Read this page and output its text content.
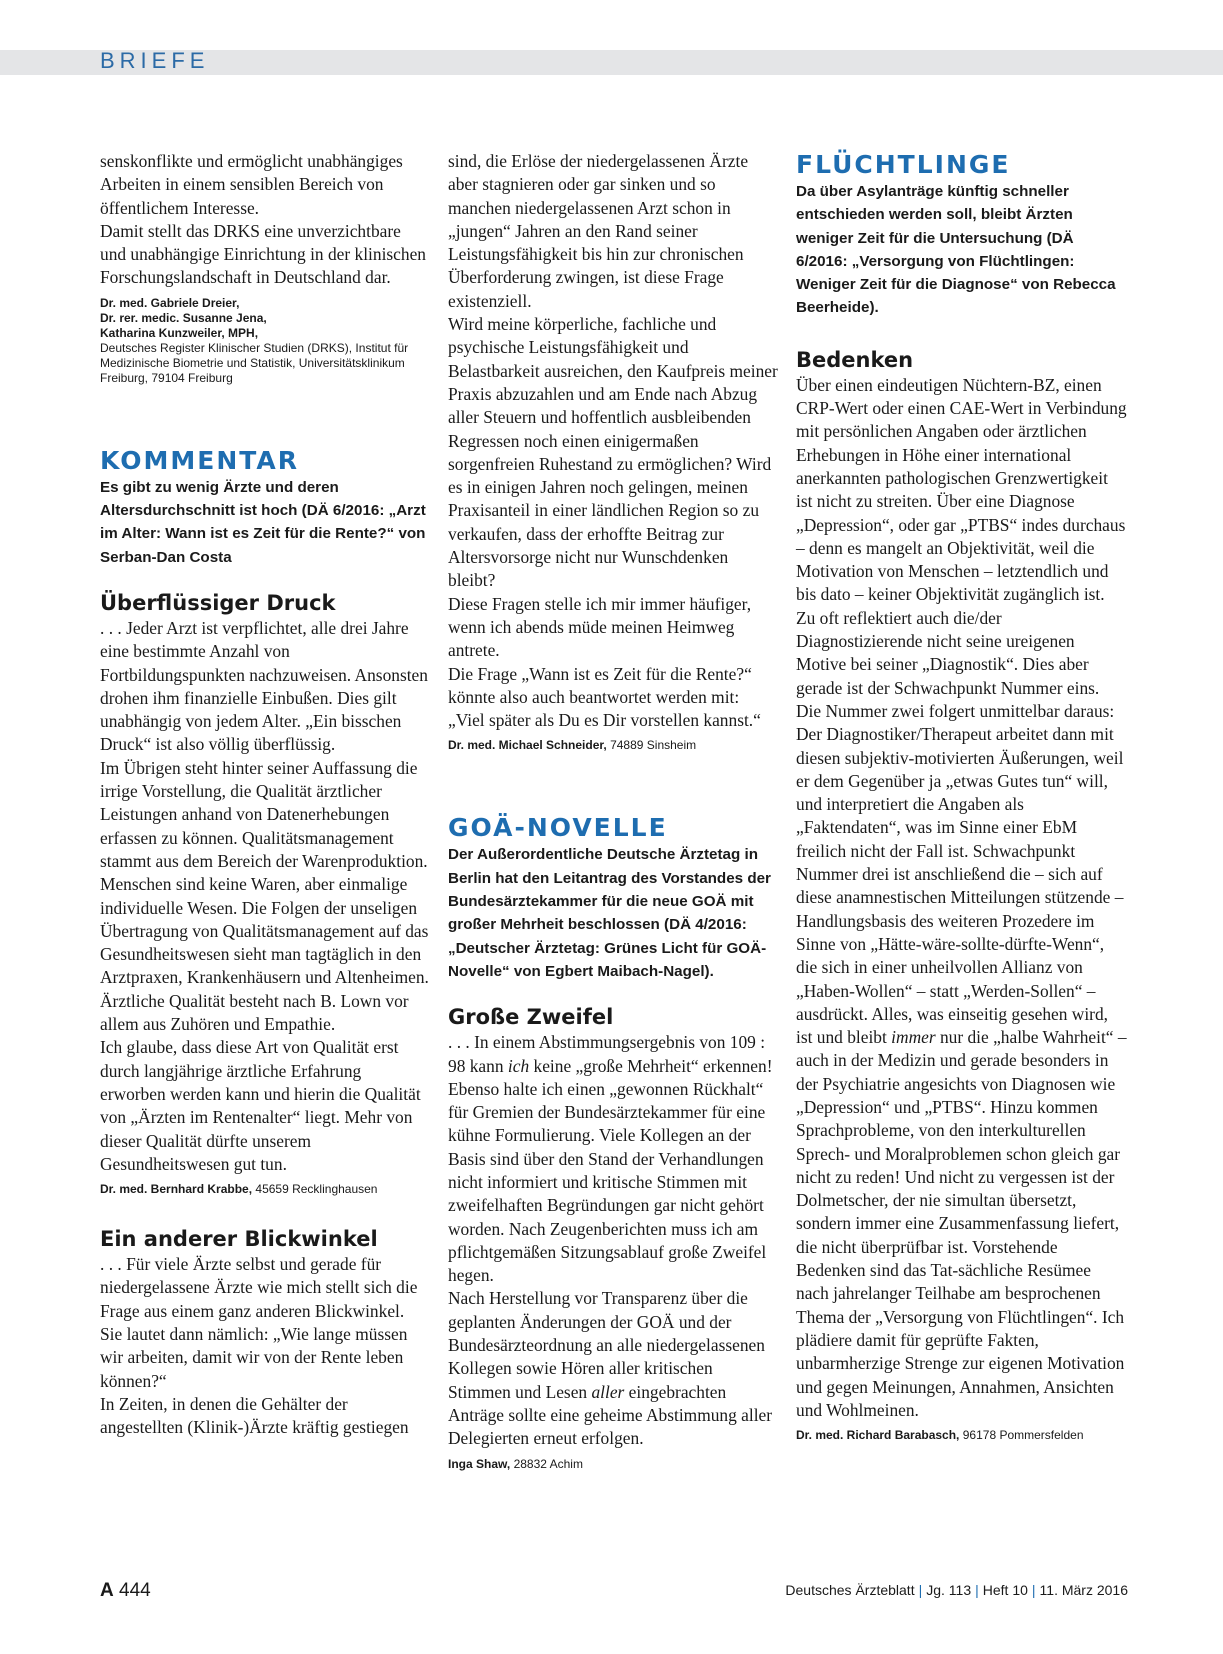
BRIEFE

senskonflikte und ermöglicht unabhängiges Arbeiten in einem sensiblen Bereich von öffentlichem Interesse.

Damit stellt das DRKS eine unverzichtbare und unabhängige Einrichtung in der klinischen Forschungslandschaft in Deutschland dar.

Dr. med. Gabriele Dreier,
Dr. rer. medic. Susanne Jena,
Katharina Kunzweiler, MPH,
Deutsches Register Klinischer Studien (DRKS), Institut für Medizinische Biometrie und Statistik, Universitätsklinikum Freiburg, 79104 Freiburg
KOMMENTAR

Es gibt zu wenig Ärzte und deren Altersdurchschnitt ist hoch (DÄ 6/2016: „Arzt im Alter: Wann ist es Zeit für die Rente?“ von Serban-Dan Costa

Überflüssiger Druck

. . . Jeder Arzt ist verpflichtet, alle drei Jahre eine bestimmte Anzahl von Fortbildungspunkten nachzuweisen. Ansonsten drohen ihm finanzielle Einbußen. Dies gilt unabhängig von jedem Alter. „Ein bisschen Druck“ ist also völlig überflüssig.

Im Übrigen steht hinter seiner Auffassung die irrige Vorstellung, die Qualität ärztlicher Leistungen anhand von Datenerhebungen erfassen zu können. Qualitätsmanagement stammt aus dem Bereich der Warenproduktion.

Menschen sind keine Waren, aber einmalige individuelle Wesen. Die Folgen der unseligen Übertragung von Qualitätsmanagement auf das Gesundheitswesen sieht man tagtäglich in den Arztpraxen, Krankenhäusern und Altenheimen.

Ärztliche Qualität besteht nach B. Lown vor allem aus Zuhören und Empathie.

Ich glaube, dass diese Art von Qualität erst durch langjährige ärztliche Erfahrung erworben werden kann und hierin die Qualität von „Ärzten im Rentenalter“ liegt. Mehr von dieser Qualität dürfte unserem Gesundheitswesen gut tun.

Dr. med. Bernhard Krabbe, 45659 Recklinghausen
Ein anderer Blickwinkel

. . . Für viele Ärzte selbst und gerade für niedergelassene Ärzte wie mich stellt sich die Frage aus einem ganz anderen Blickwinkel. Sie lautet dann nämlich: „Wie lange müssen wir arbeiten, damit wir von der Rente leben können?“

In Zeiten, in denen die Gehälter der angestellten (Klinik-)Ärzte kräftig gestiegen

sind, die Erlöse der niedergelassenen Ärzte aber stagnieren oder gar sinken und so manchen niedergelassenen Arzt schon in „jungen“ Jahren an den Rand seiner Leistungsfähigkeit bis hin zur chronischen Überforderung zwingen, ist diese Frage existenziell.

Wird meine körperliche, fachliche und psychische Leistungsfähigkeit und Belastbarkeit ausreichen, den Kaufpreis meiner Praxis abzuzahlen und am Ende nach Abzug aller Steuern und hoffentlich ausbleibenden Regressen noch einen einigermaßen sorgenfreien Ruhestand zu ermöglichen? Wird es in einigen Jahren noch gelingen, meinen Praxisanteil in einer ländlichen Region so zu verkaufen, dass der erhoffte Beitrag zur Altersvorsorge nicht nur Wunschdenken bleibt?

Diese Fragen stelle ich mir immer häufiger, wenn ich abends müde meinen Heimweg antrete.

Die Frage „Wann ist es Zeit für die Rente?“ könnte also auch beantwortet werden mit: „Viel später als Du es Dir vorstellen kannst.“

Dr. med. Michael Schneider, 74889 Sinsheim
GOÄ-NOVELLE

Der Außerordentliche Deutsche Ärztetag in Berlin hat den Leitantrag des Vorstandes der Bundesärztekammer für die neue GOÄ mit großer Mehrheit beschlossen (DÄ 4/2016: „Deutscher Ärztetag: Grünes Licht für GOÄ-Novelle“ von Egbert Maibach-Nagel).

Große Zweifel

. . . In einem Abstimmungsergebnis von 109 : 98 kann ich keine „große Mehrheit“ erkennen! Ebenso halte ich einen „gewonnen Rückhalt“ für Gremien der Bundesärztekammer für eine kühne Formulierung. Viele Kollegen an der Basis sind über den Stand der Verhandlungen nicht informiert und kritische Stimmen mit zweifelhaften Begründungen gar nicht gehört worden. Nach Zeugenberichten muss ich am pflichtgemäßen Sitzungsablauf große Zweifel hegen.

Nach Herstellung vor Transparenz über die geplanten Änderungen der GOÄ und der Bundesärzteordnung an alle niedergelassenen Kollegen sowie Hören aller kritischen Stimmen und Lesen aller eingebrachten Anträge sollte eine geheime Abstimmung aller Delegierten erneut erfolgen.

Inga Shaw, 28832 Achim
FLÜCHTLINGE

Da über Asylanträge künftig schneller entschieden werden soll, bleibt Ärzten weniger Zeit für die Untersuchung (DÄ 6/2016: „Versorgung von Flüchtlingen: Weniger Zeit für die Diagnose“ von Rebecca Beerheide).

Bedenken

Über einen eindeutigen Nüchtern-BZ, einen CRP-Wert oder einen CAE-Wert in Verbindung mit persönlichen Angaben oder ärztlichen Erhebungen in Höhe einer international anerkannten pathologischen Grenzwertigkeit ist nicht zu streiten. Über eine Diagnose „Depression“, oder gar „PTBS“ indes durchaus – denn es mangelt an Objektivität, weil die Motivation von Menschen – letztendlich und bis dato – keiner Objektivität zugänglich ist. Zu oft reflektiert auch die/der Diagnostizierende nicht seine ureigenen Motive bei seiner „Diagnostik“. Dies aber gerade ist der Schwachpunkt Nummer eins. Die Nummer zwei folgert unmittelbar daraus: Der Diagnostiker/Therapeut arbeitet dann mit diesen subjektiv-motivierten Äußerungen, weil er dem Gegenüber ja „etwas Gutes tun“ will, und interpretiert die Angaben als „Faktendaten“, was im Sinne einer EbM freilich nicht der Fall ist. Schwachpunkt Nummer drei ist anschließend die – sich auf diese anamnestischen Mitteilungen stützende – Handlungsbasis des weiteren Prozedere im Sinne von „Hätte-wäre-sollte-dürfte-Wenn“, die sich in einer unheilvollen Allianz von „Haben-Wollen“ – statt „Werden-Sollen“ – ausdrückt. Alles, was einseitig gesehen wird, ist und bleibt immer nur die „halbe Wahrheit“ – auch in der Medizin und gerade besonders in der Psychiatrie angesichts von Diagnosen wie „Depression“ und „PTBS“. Hinzu kommen Sprachprobleme, von den interkulturellen Sprech- und Moralproblemen schon gleich gar nicht zu reden! Und nicht zu vergessen ist der Dolmetscher, der nie simultan übersetzt, sondern immer eine Zusammenfassung liefert, die nicht überprüfbar ist. Vorstehende Bedenken sind das Tat-sächliche Resümee nach jahrelanger Teilhabe am besprochenen Thema der „Versorgung von Flüchtlingen“. Ich plädiere damit für geprüfte Fakten, unbarmherzige Strenge zur eigenen Motivation und gegen Meinungen, Annahmen, Ansichten und Wohlmeinen.

Dr. med. Richard Barabasch, 96178 Pommersfelden
A 444	Deutsches Ärzteblatt | Jg. 113 | Heft 10 | 11. März 2016
